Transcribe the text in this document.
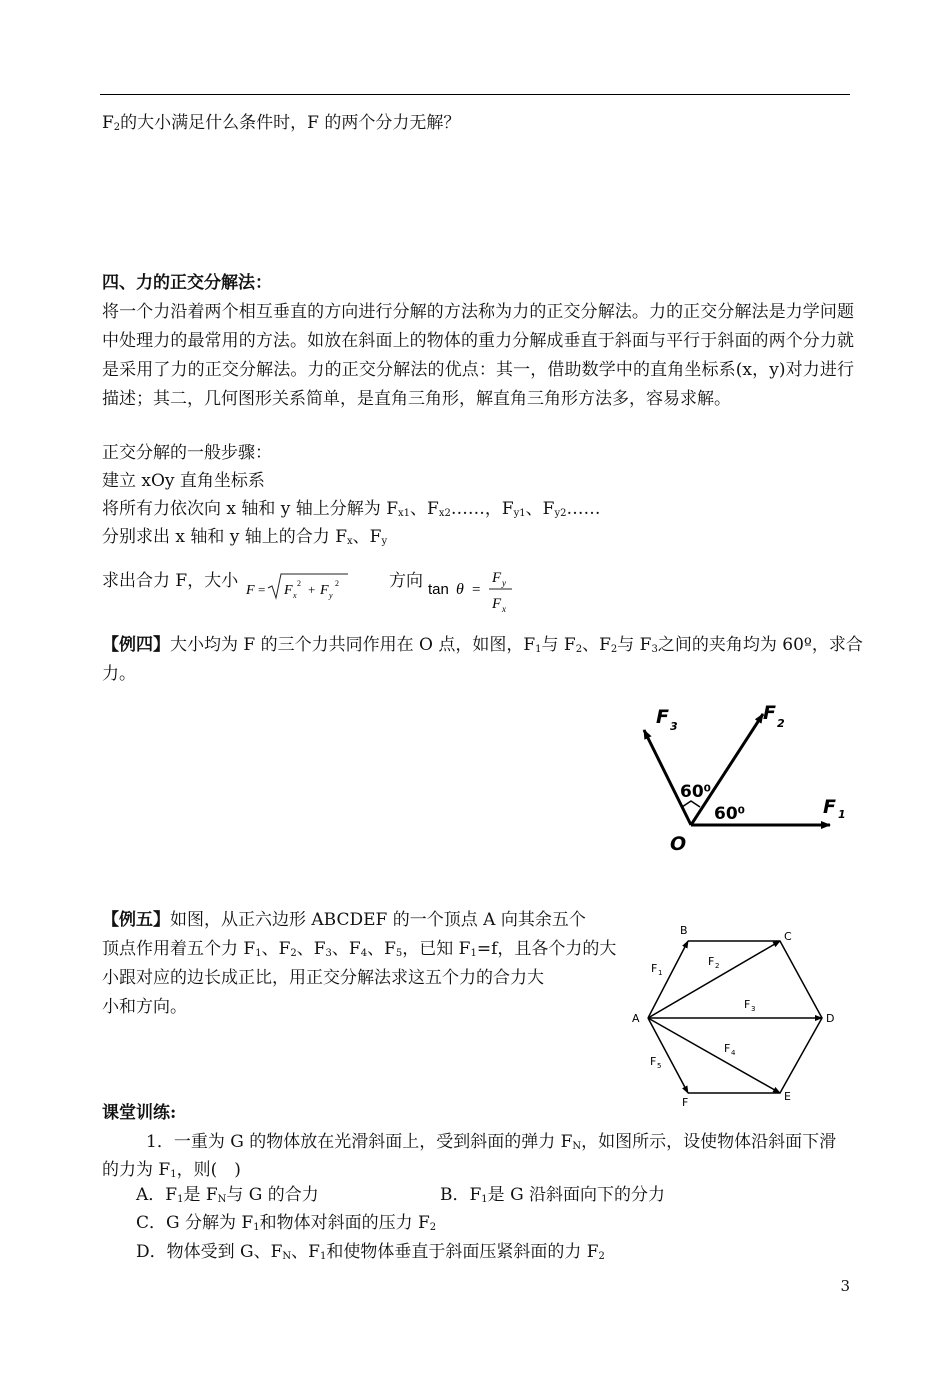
$F_2$的大小满足什么条件时，F 的两个分力无解？
四、力的正交分解法：
将一个力沿着两个相互垂直的方向进行分解的方法称为力的正交分解法。力的正交分解法是力学问题中处理力的最常用的方法。如放在斜面上的物体的重力分解成垂直于斜面与平行于斜面的两个分力就是采用了力的正交分解法。力的正交分解法的优点：其一，借助数学中的直角坐标系(x，y)对力进行描述；其二，几何图形关系简单，是直角三角形，解直角三角形方法多，容易求解。
正交分解的一般步骤：
建立 xOy 直角坐标系
将所有力依次向 x 轴和 y 轴上分解为 $F_{x1}$、$F_{x2}\dots\dots$，$F_{y1}$、$F_{y2}\dots\dots$
分别求出 x 轴和 y 轴上的合力 $F_x$、$F_y$
求出合力 F，大小 F = F x
2 + F y
2	方向 tan θ =
F y
F x
【例四】大小均为 F 的三个力共同作用在 O 点，如图，$F_1$与 $F_2$、$F_2$与 $F_3$之间的夹角均为 60º，求合
力。
60⁰
60⁰
O
F 1
F 2
F 3
【例五】如图，从正六边形 ABCDEF 的一个顶点 A 向其余五个
顶点作用着五个力 $F_1$、$F_2$、$F_3$、$F_4$、$F_5$，已知 $F_1=f$，且各个力的大
小跟对应的边长成正比，用正交分解法求这五个力的合力大
小和方向。
A
B	C
D
E
F
F 1
F 2
F 3
F 4
F 5
课堂训练:
1．一重为 G 的物体放在光滑斜面上，受到斜面的弹力 $F_N$，如图所示，设使物体沿斜面下滑
的力为 $F_1$，则(　)
A．$F_1$是 $F_N$与 G 的合力	B．$F_1$是 G 沿斜面向下的分力
C．G 分解为 $F_1$和物体对斜面的压力 $F_2$
D．物体受到 G、$F_N$、$F_1$和使物体垂直于斜面压紧斜面的力 $F_2$
3
